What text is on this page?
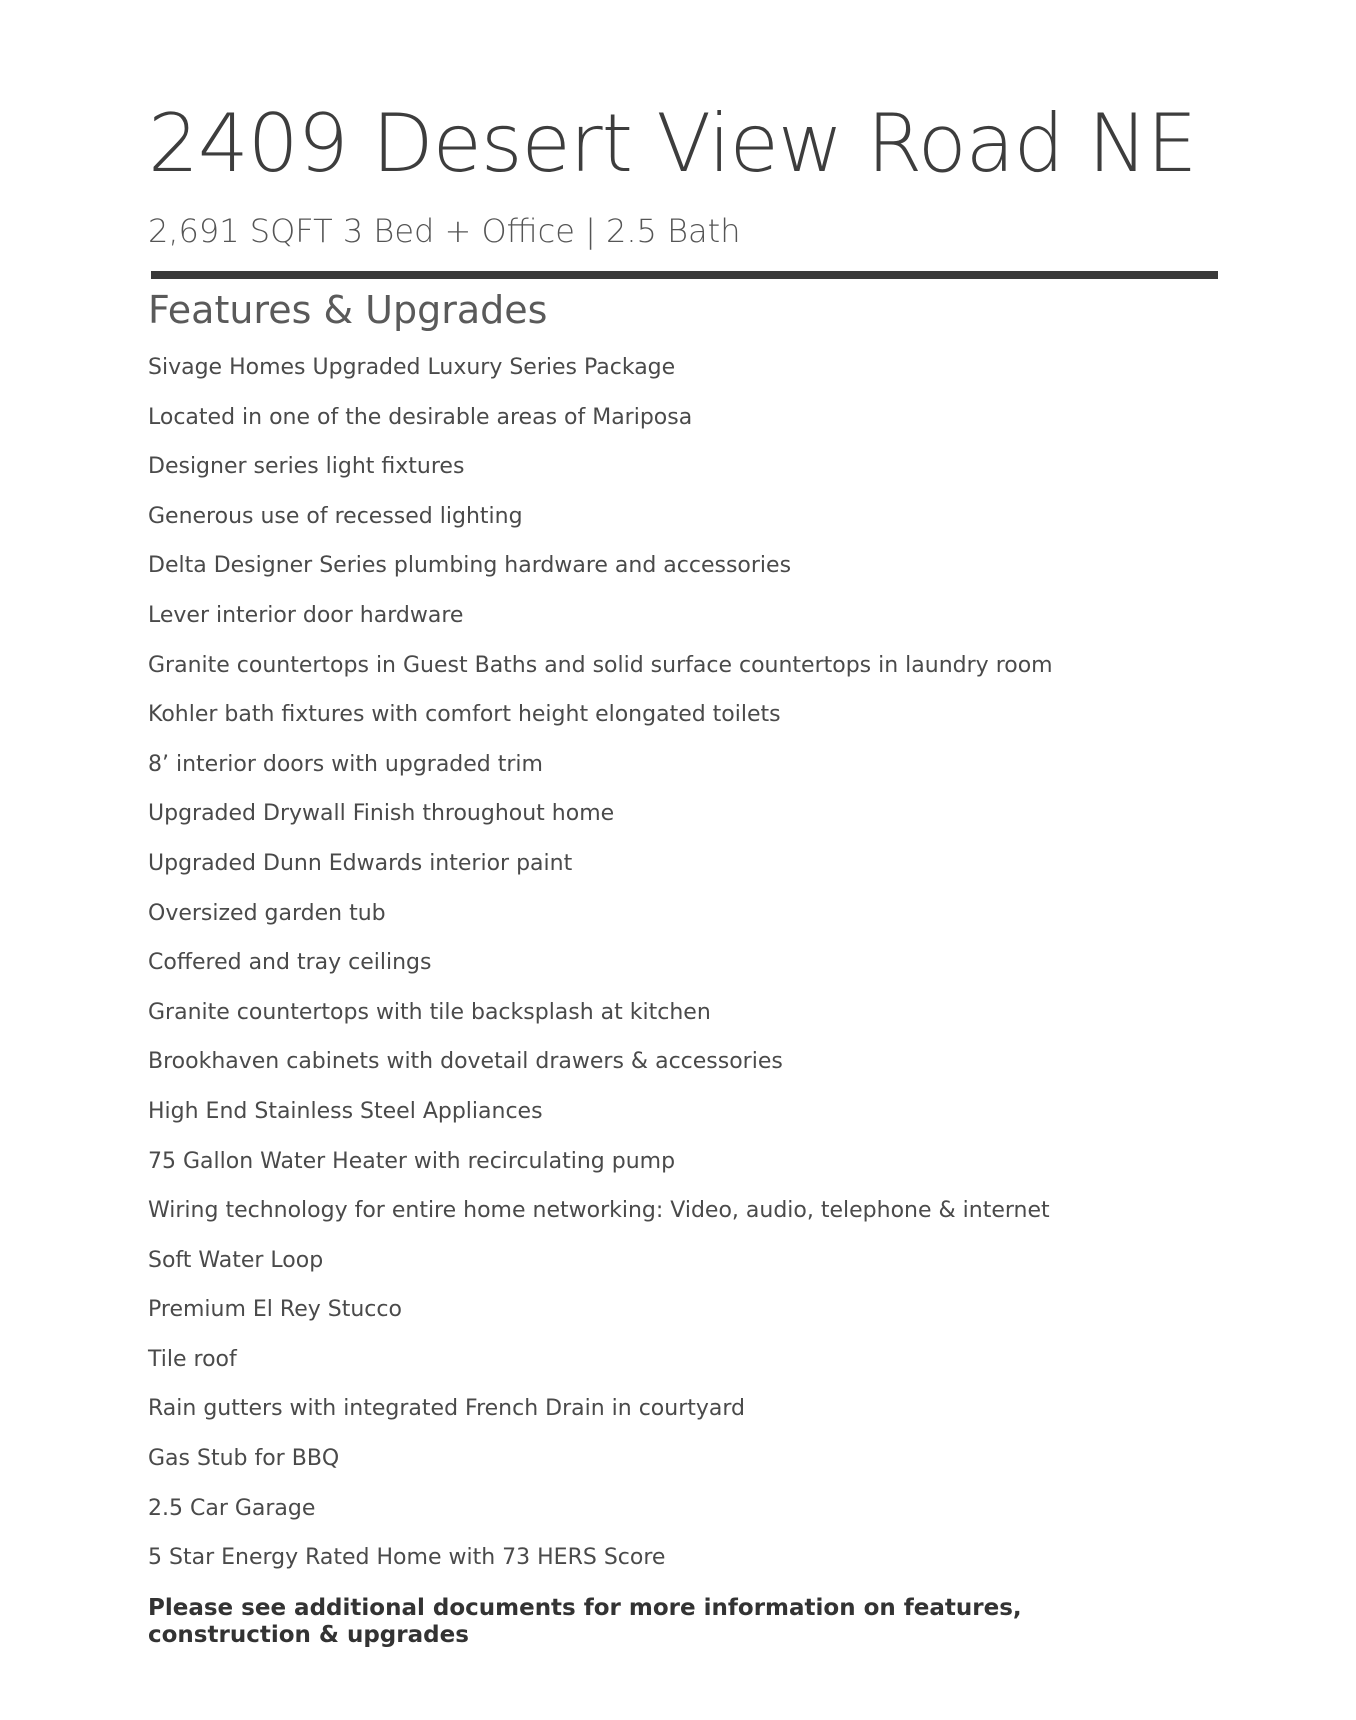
2409 Desert View Road NE
2,691 SQFT 3 Bed + Office | 2.5 Bath
Features & Upgrades
Sivage Homes Upgraded Luxury Series Package
Located in one of the desirable areas of Mariposa
Designer series light fixtures
Generous use of recessed lighting
Delta Designer Series plumbing hardware and accessories
Lever interior door hardware
Granite countertops in Guest Baths and solid surface countertops in laundry room
Kohler bath fixtures with comfort height elongated toilets
8’ interior doors with upgraded trim
Upgraded Drywall Finish throughout home
Upgraded Dunn Edwards interior paint
Oversized garden tub
Coffered and tray ceilings
Granite countertops with tile backsplash at kitchen
Brookhaven cabinets with dovetail drawers & accessories
High End Stainless Steel Appliances
75 Gallon Water Heater with recirculating pump
Wiring technology for entire home networking: Video, audio, telephone & internet
Soft Water Loop
Premium El Rey Stucco
Tile roof
Rain gutters with integrated French Drain in courtyard
Gas Stub for BBQ
2.5 Car Garage
5 Star Energy Rated Home with 73 HERS Score

Please see additional documents for more information on features, construction & upgrades
